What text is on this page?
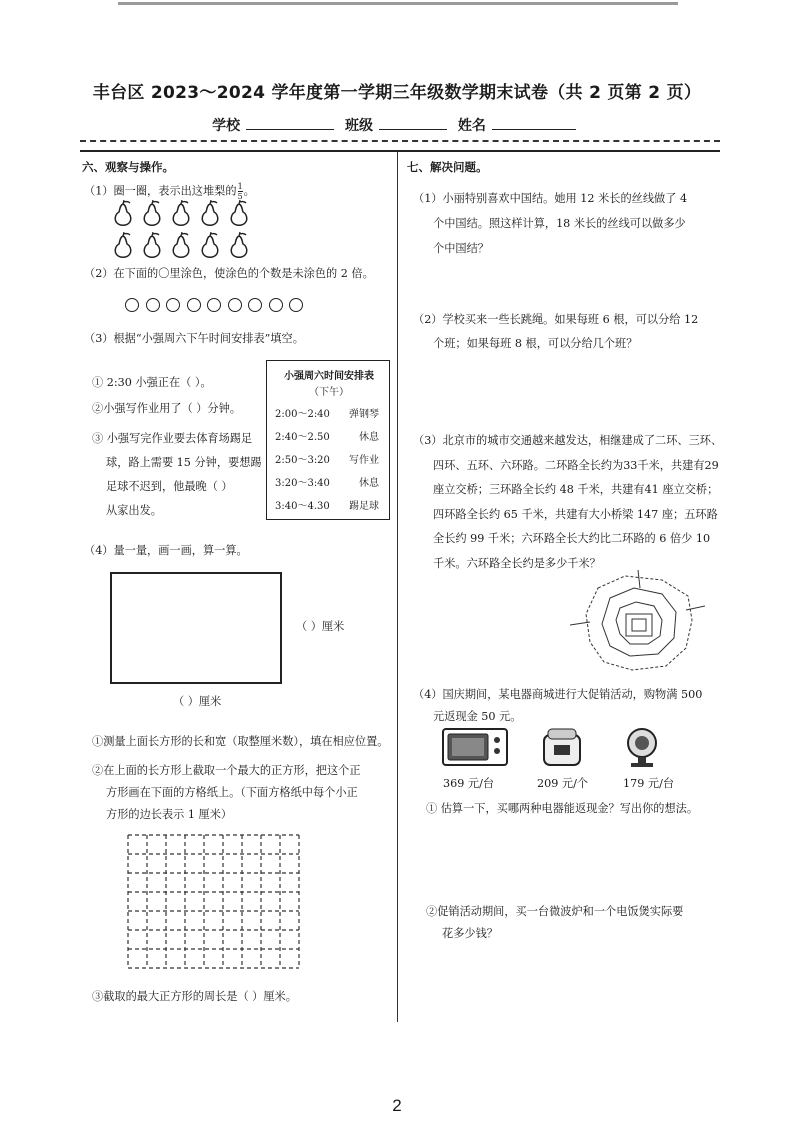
丰台区 2023～2024 学年度第一学期三年级数学期末试卷（共 2 页第 2 页）
学校	班级	姓名
六、观察与操作。
（1）圈一圈，表示出这堆梨的 $\frac{1}{5}$ 。
（2）在下面的〇里涂色，使涂色的个数是未涂色的 2 倍。
（3）根据“小强周六下午时间安排表”填空。
① 2:30 小强正在（ ）。
②小强写作业用了（ ）分钟。
③ 小强写完作业要去体育场踢足
球，路上需要 15 分钟，要想踢
足球不迟到，他最晚（ ）
从家出发。
小强周六时间安排表
（下午）
2:00～2:40 弹钢琴
2:40～2.50	休息
2:50～3:20 写作业
3:20～3:40	休息
3:40～4.30 踢足球
（4）量一量，画一画，算一算。
（ ）厘米
（ ）厘米
①测量上面长方形的长和宽（取整厘米数），填在相应位置。
②在上面的长方形上截取一个最大的正方形，把这个正
方形画在下面的方格纸上。（下面方格纸中每个小正
方形的边长表示 1 厘米）
③截取的最大正方形的周长是（ ）厘米。
七、解决问题。
（1）小丽特别喜欢中国结。她用 12 米长的丝线做了 4
个中国结。照这样计算，18 米长的丝线可以做多少
个中国结？
（2）学校买来一些长跳绳。如果每班 6 根，可以分给 12
个班；如果每班 8 根，可以分给几个班？
（3）北京市的城市交通越来越发达，相继建成了二环、三环、
四环、五环、六环路。二环路全长约为33千米，共建有29
座立交桥；三环路全长约 48 千米，共建有41 座立交桥；
四环路全长约 65 千米，共建有大小桥梁 147 座；五环路
全长约 99 千米；六环路全长大约比二环路的 6 倍少 10
千米。六环路全长约是多少千米？
（4）国庆期间，某电器商城进行大促销活动，购物满 500
元返现金 50 元。
369 元/台	209 元/个	179 元/台
① 估算一下，买哪两种电器能返现金？写出你的想法。
②促销活动期间，买一台微波炉和一个电饭煲实际要
花多少钱？
2
